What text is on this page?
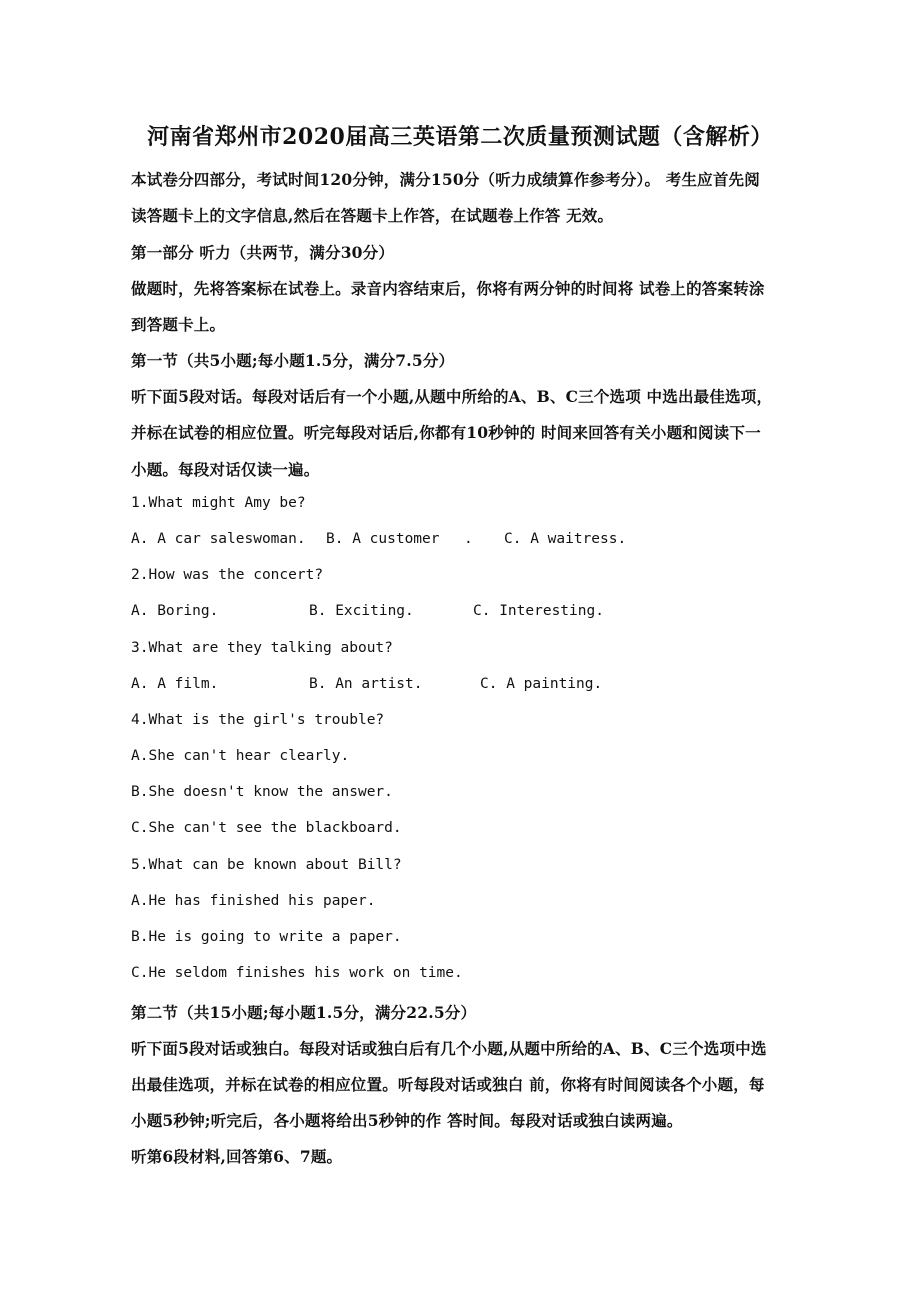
河南省郑州市2020届高三英语第二次质量预测试题（含解析）
本试卷分四部分，考试时间120分钟，满分150分（听力成绩算作参考分）。 考生应首先阅
读答题卡上的文字信息,然后在答题卡上作答，在试题卷上作答 无效。
第一部分 听力（共两节，满分30分）
做题时，先将答案标在试卷上。录音内容结束后，你将有两分钟的时间将 试卷上的答案转涂
到答题卡上。
第一节（共5小题;每小题1.5分，满分7.5分）
听下面5段对话。每段对话后有一个小题,从题中所给的A、B、C三个选项 中选出最佳选项，
并标在试卷的相应位置。听完每段对话后,你都有10秒钟的 时间来回答有关小题和阅读下一
小题。每段对话仅读一遍。
1.What might Amy be?
A. A car saleswoman. B. A customer . C. A waitress.
2.How was the concert?
A. Boring.	B. Exciting.	C. Interesting.
3.What are they talking about?
A. A film.	B. An artist.	C. A painting.
4.What is the girl's trouble?
A.She can't hear clearly.
B.She doesn't know the answer.
C.She can't see the blackboard.
5.What can be known about Bill?
A.He has finished his paper.
B.He is going to write a paper.
C.He seldom finishes his work on time.
第二节（共15小题;每小题1.5分，满分22.5分）
听下面5段对话或独白。每段对话或独白后有几个小题,从题中所给的A、B、C三个选项中选
出最佳选项，并标在试卷的相应位置。听每段对话或独白 前，你将有时间阅读各个小题，每
小题5秒钟;听完后，各小题将给出5秒钟的作 答时间。每段对话或独白读两遍。
听第6段材料,回答第6、7题。
